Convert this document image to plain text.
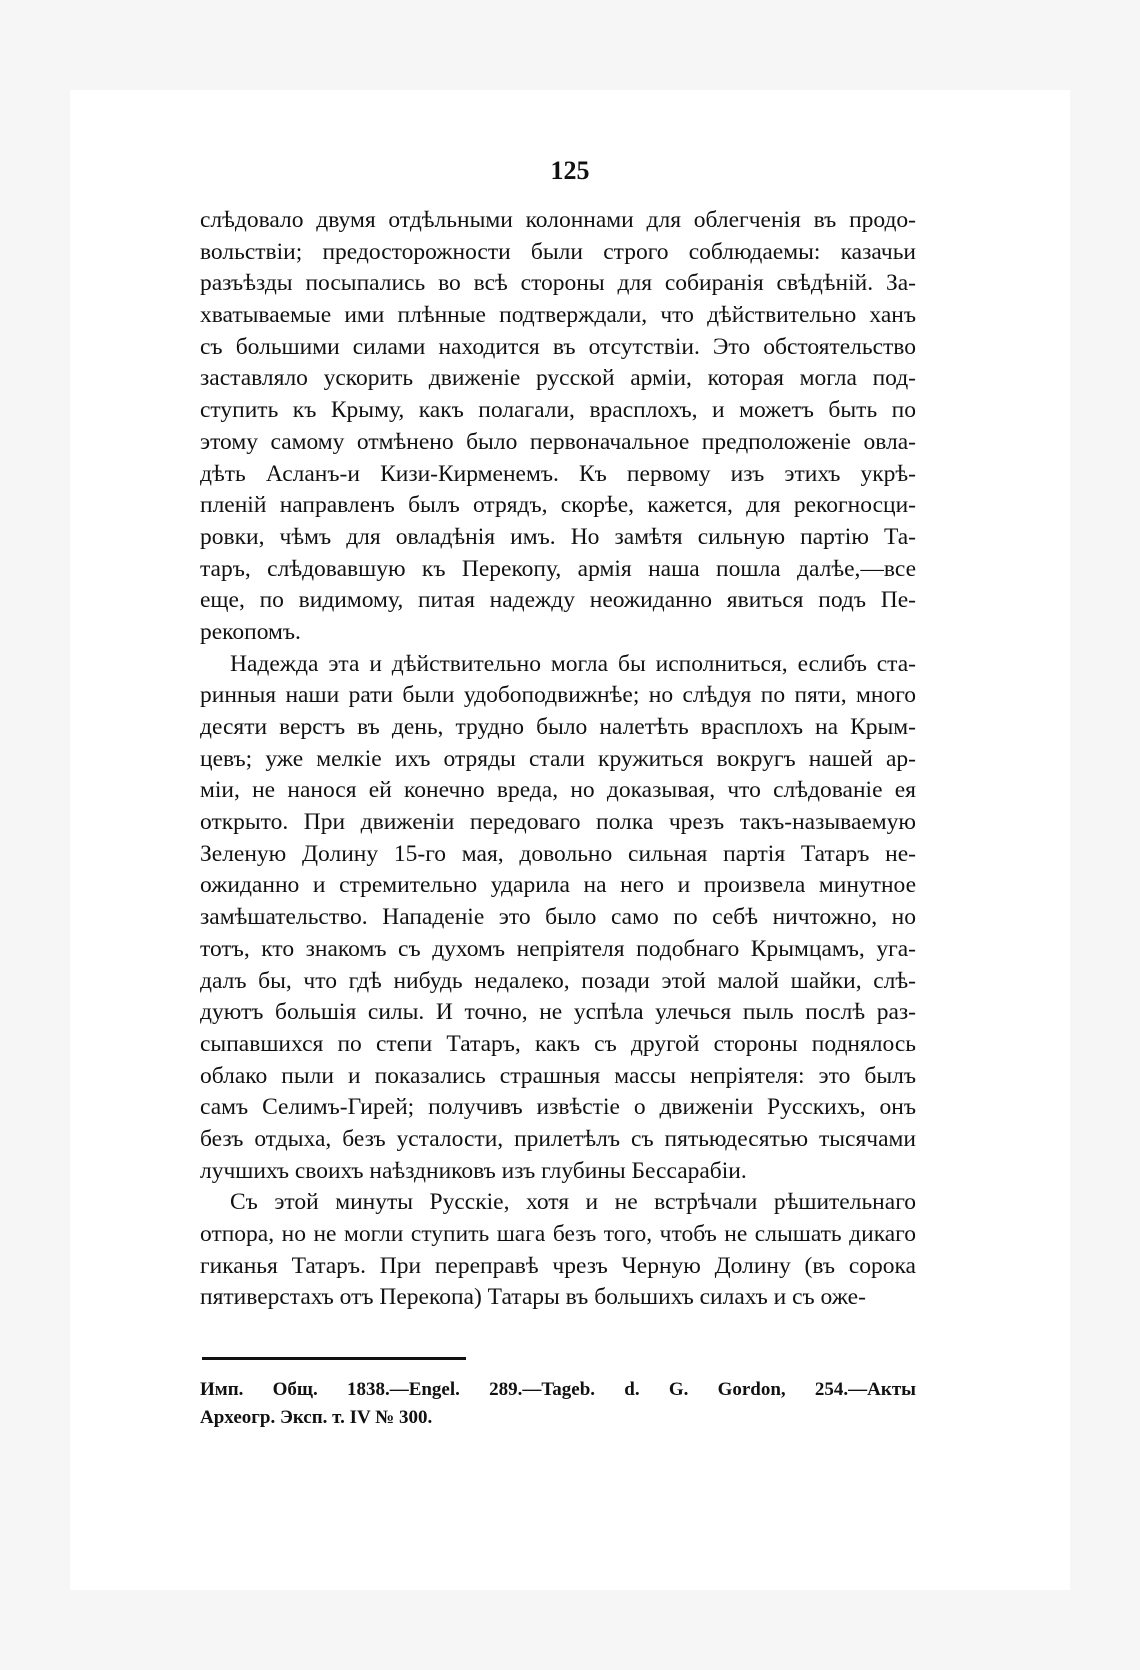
125
слѣдовало двумя отдѣльными колоннами для облегченія въ продо-
вольствіи; предосторожности были строго соблюдаемы: казачьи
разъѣзды посыпались во всѣ стороны для собиранія свѣдѣній. За-
хватываемые ими плѣнные подтверждали, что дѣйствительно ханъ
съ большими силами находится въ отсутствіи. Это обстоятельство
заставляло ускорить движеніе русской арміи, которая могла под-
ступить къ Крыму, какъ полагали, врасплохъ, и можетъ быть по
этому самому отмѣнено было первоначальное предположеніе овла-
дѣть Асланъ-и Кизи-Кирменемъ. Къ первому изъ этихъ укрѣ-
пленій направленъ былъ отрядъ, скорѣе, кажется, для рекогносци-
ровки, чѣмъ для овладѣнія имъ. Но замѣтя сильную партію Та-
таръ, слѣдовавшую къ Перекопу, армія наша пошла далѣе,—все
еще, по видимому, питая надежду неожиданно явиться подъ Пе-
рекопомъ.
Надежда эта и дѣйствительно могла бы исполниться, еслибъ ста-
ринныя наши рати были удобоподвижнѣе; но слѣдуя по пяти, много
десяти верстъ въ день, трудно было налетѣть врасплохъ на Крым-
цевъ; уже мелкіе ихъ отряды стали кружиться вокругъ нашей ар-
міи, не нанося ей конечно вреда, но доказывая, что слѣдованіе ея
открыто. При движеніи передоваго полка чрезъ такъ-называемую
Зеленую Долину 15-го мая, довольно сильная партія Татаръ не-
ожиданно и стремительно ударила на него и произвела минутное
замѣшательство. Нападеніе это было само по себѣ ничтожно, но
тотъ, кто знакомъ съ духомъ непріятеля подобнаго Крымцамъ, уга-
далъ бы, что гдѣ нибудь недалеко, позади этой малой шайки, слѣ-
дуютъ большія силы. И точно, не успѣла улечься пыль послѣ раз-
сыпавшихся по степи Татаръ, какъ съ другой стороны поднялось
облако пыли и показались страшныя массы непріятеля: это былъ
самъ Селимъ-Гирей; получивъ извѣстіе о движеніи Русскихъ, онъ
безъ отдыха, безъ усталости, прилетѣлъ съ пятьюдесятью тысячами
лучшихъ своихъ наѣздниковъ изъ глубины Бессарабіи.
Съ этой минуты Русскіе, хотя и не встрѣчали рѣшительнаго
отпора, но не могли ступить шага безъ того, чтобъ не слышать дикаго
гиканья Татаръ. При переправѣ чрезъ Черную Долину (въ сорока
пятиверстахъ отъ Перекопа) Татары въ большихъ силахъ и съ оже-
Имп. Общ. 1838.—Engel. 289.—Tageb. d. G. Gordon, 254.—Акты
Археогр. Эксп. т. IV № 300.
